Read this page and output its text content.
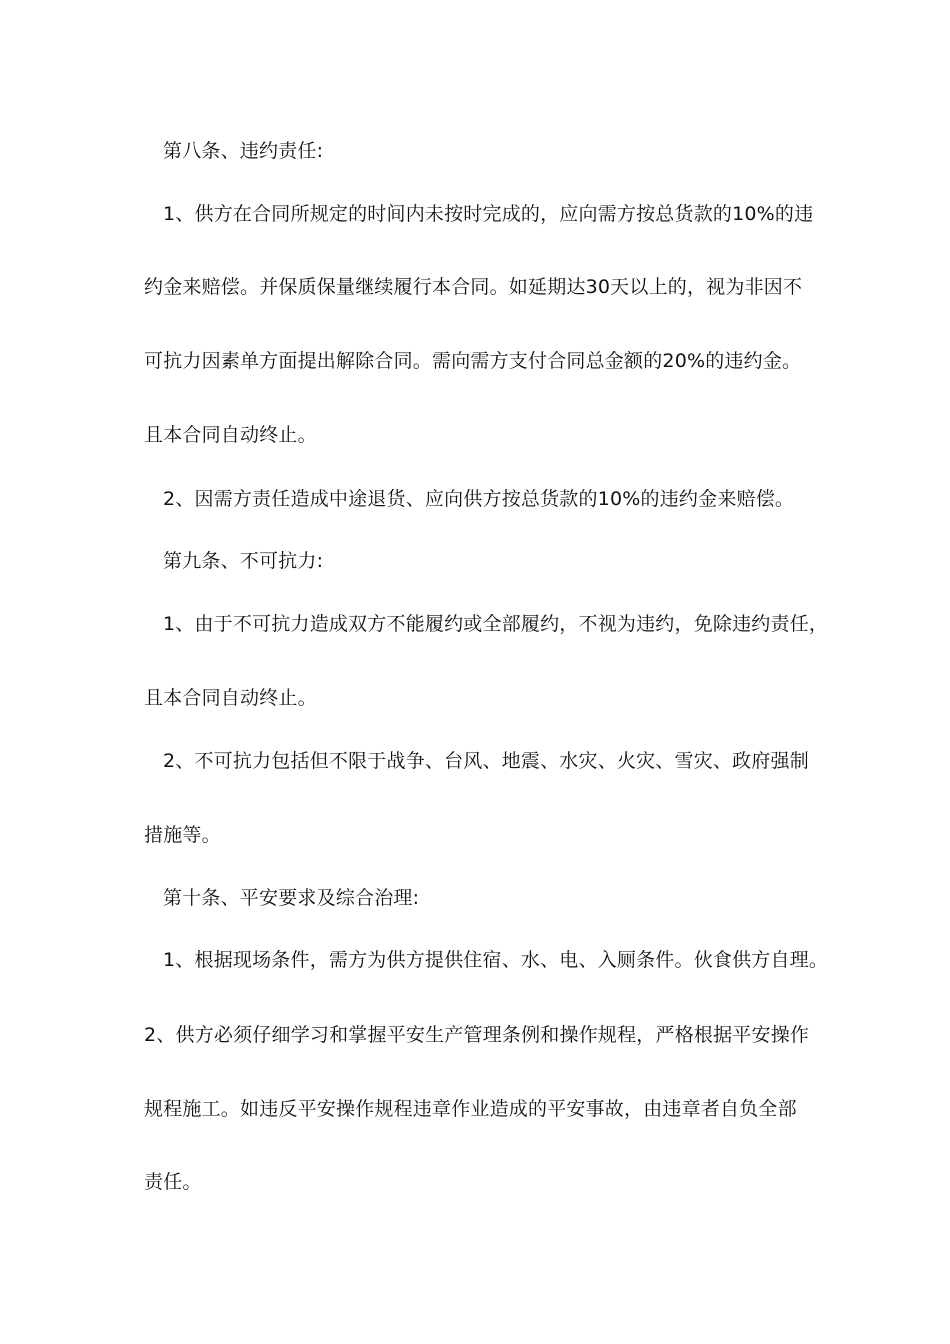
第八条、违约责任:

1、供方在合同所规定的时间内未按时完成的，应向需方按总货款的10%的违

约金来赔偿。并保质保量继续履行本合同。如延期达30天以上的，视为非因不

可抗力因素单方面提出解除合同。需向需方支付合同总金额的20%的违约金。

且本合同自动终止。

2、因需方责任造成中途退货、应向供方按总货款的10%的违约金来赔偿。

第九条、不可抗力:

1、由于不可抗力造成双方不能履约或全部履约，不视为违约，免除违约责任，

且本合同自动终止。

2、不可抗力包括但不限于战争、台风、地震、水灾、火灾、雪灾、政府强制

措施等。

第十条、平安要求及综合治理:

1、根据现场条件，需方为供方提供住宿、水、电、入厕条件。伙食供方自理。

2、供方必须仔细学习和掌握平安生产管理条例和操作规程，严格根据平安操作

规程施工。如违反平安操作规程违章作业造成的平安事故，由违章者自负全部

责任。
